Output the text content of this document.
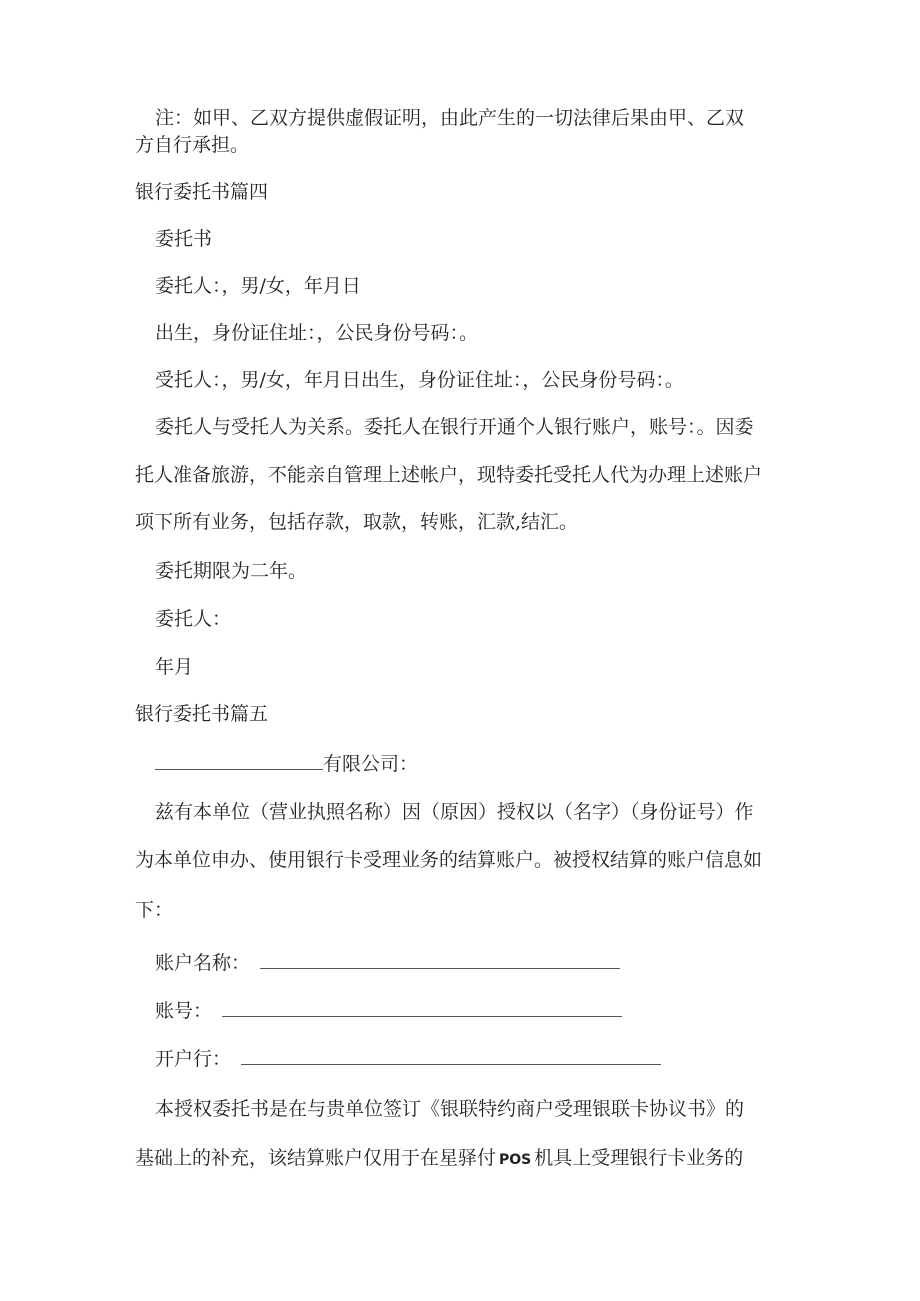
注：如甲、乙双方提供虚假证明，由此产生的一切法律后果由甲、乙双
方自行承担。
银行委托书篇四
委托书
委托人：，男/女，年月日
出生，身份证住址：，公民身份号码：。
受托人：，男/女，年月日出生，身份证住址：，公民身份号码：。
委托人与受托人为关系。委托人在银行开通个人银行账户，账号：。因委
托人准备旅游，不能亲自管理上述帐户，现特委托受托人代为办理上述账户
项下所有业务，包括存款，取款，转账，汇款,结汇。
委托期限为二年。
委托人：
年月
银行委托书篇五
有限公司：
兹有本单位（营业执照名称）因（原因）授权以（名字）（身份证号）作
为本单位申办、使用银行卡受理业务的结算账户。被授权结算的账户信息如
下：
账户名称：
账号：
开户行：
本授权委托书是在与贵单位签订《银联特约商户受理银联卡协议书》的
基础上的补充，该结算账户仅用于在星驿付 POS 机具上受理银行卡业务的
